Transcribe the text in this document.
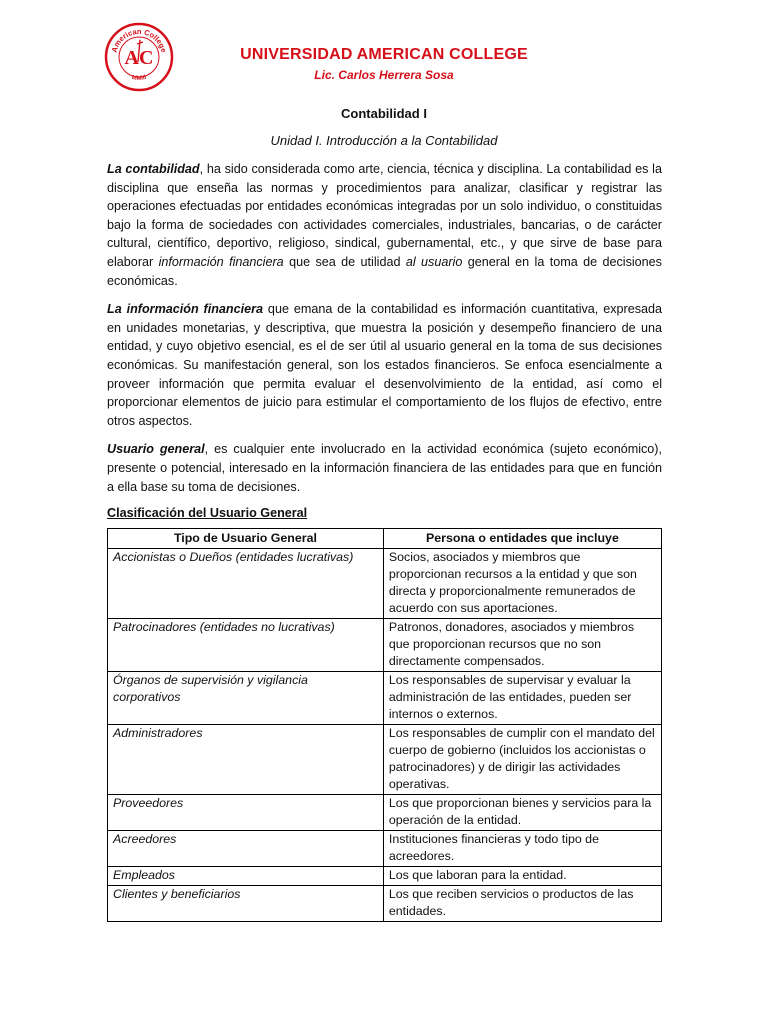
American College
MMIII
AC	UNIVERSIDAD AMERICAN COLLEGE
Lic. Carlos Herrera Sosa
Contabilidad I
Unidad I. Introducción a la Contabilidad

La contabilidad, ha sido considerada como arte, ciencia, técnica y disciplina. La contabilidad es la disciplina que enseña las normas y procedimientos para analizar, clasificar y registrar las operaciones efectuadas por entidades económicas integradas por un solo individuo, o constituidas bajo la forma de sociedades con actividades comerciales, industriales, bancarias, o de carácter cultural, científico, deportivo, religioso, sindical, gubernamental, etc., y que sirve de base para elaborar información financiera que sea de utilidad al usuario general en la toma de decisiones económicas.

La información financiera que emana de la contabilidad es información cuantitativa, expresada en unidades monetarias, y descriptiva, que muestra la posición y desempeño financiero de una entidad, y cuyo objetivo esencial, es el de ser útil al usuario general en la toma de sus decisiones económicas. Su manifestación general, son los estados financieros. Se enfoca esencialmente a proveer información que permita evaluar el desenvolvimiento de la entidad, así como el proporcionar elementos de juicio para estimular el comportamiento de los flujos de efectivo, entre otros aspectos.

Usuario general, es cualquier ente involucrado en la actividad económica (sujeto económico), presente o potencial, interesado en la información financiera de las entidades para que en función a ella base su toma de decisiones.

Clasificación del Usuario General
Tipo de Usuario General	Persona o entidades que incluye
Accionistas o Dueños (entidades lucrativas)	Socios, asociados y miembros que proporcionan recursos a la entidad y que son directa y proporcionalmente remunerados de acuerdo con sus aportaciones.
Patrocinadores (entidades no lucrativas)	Patronos, donadores, asociados y miembros que proporcionan recursos que no son directamente compensados.
Órganos de supervisión y vigilancia corporativos	Los responsables de supervisar y evaluar la administración de las entidades, pueden ser internos o externos.
Administradores	Los responsables de cumplir con el mandato del cuerpo de gobierno (incluidos los accionistas o patrocinadores) y de dirigir las actividades operativas.
Proveedores	Los que proporcionan bienes y servicios para la operación de la entidad.
Acreedores	Instituciones financieras y todo tipo de acreedores.
Empleados	Los que laboran para la entidad.
Clientes y beneficiarios	Los que reciben servicios o productos de las entidades.
